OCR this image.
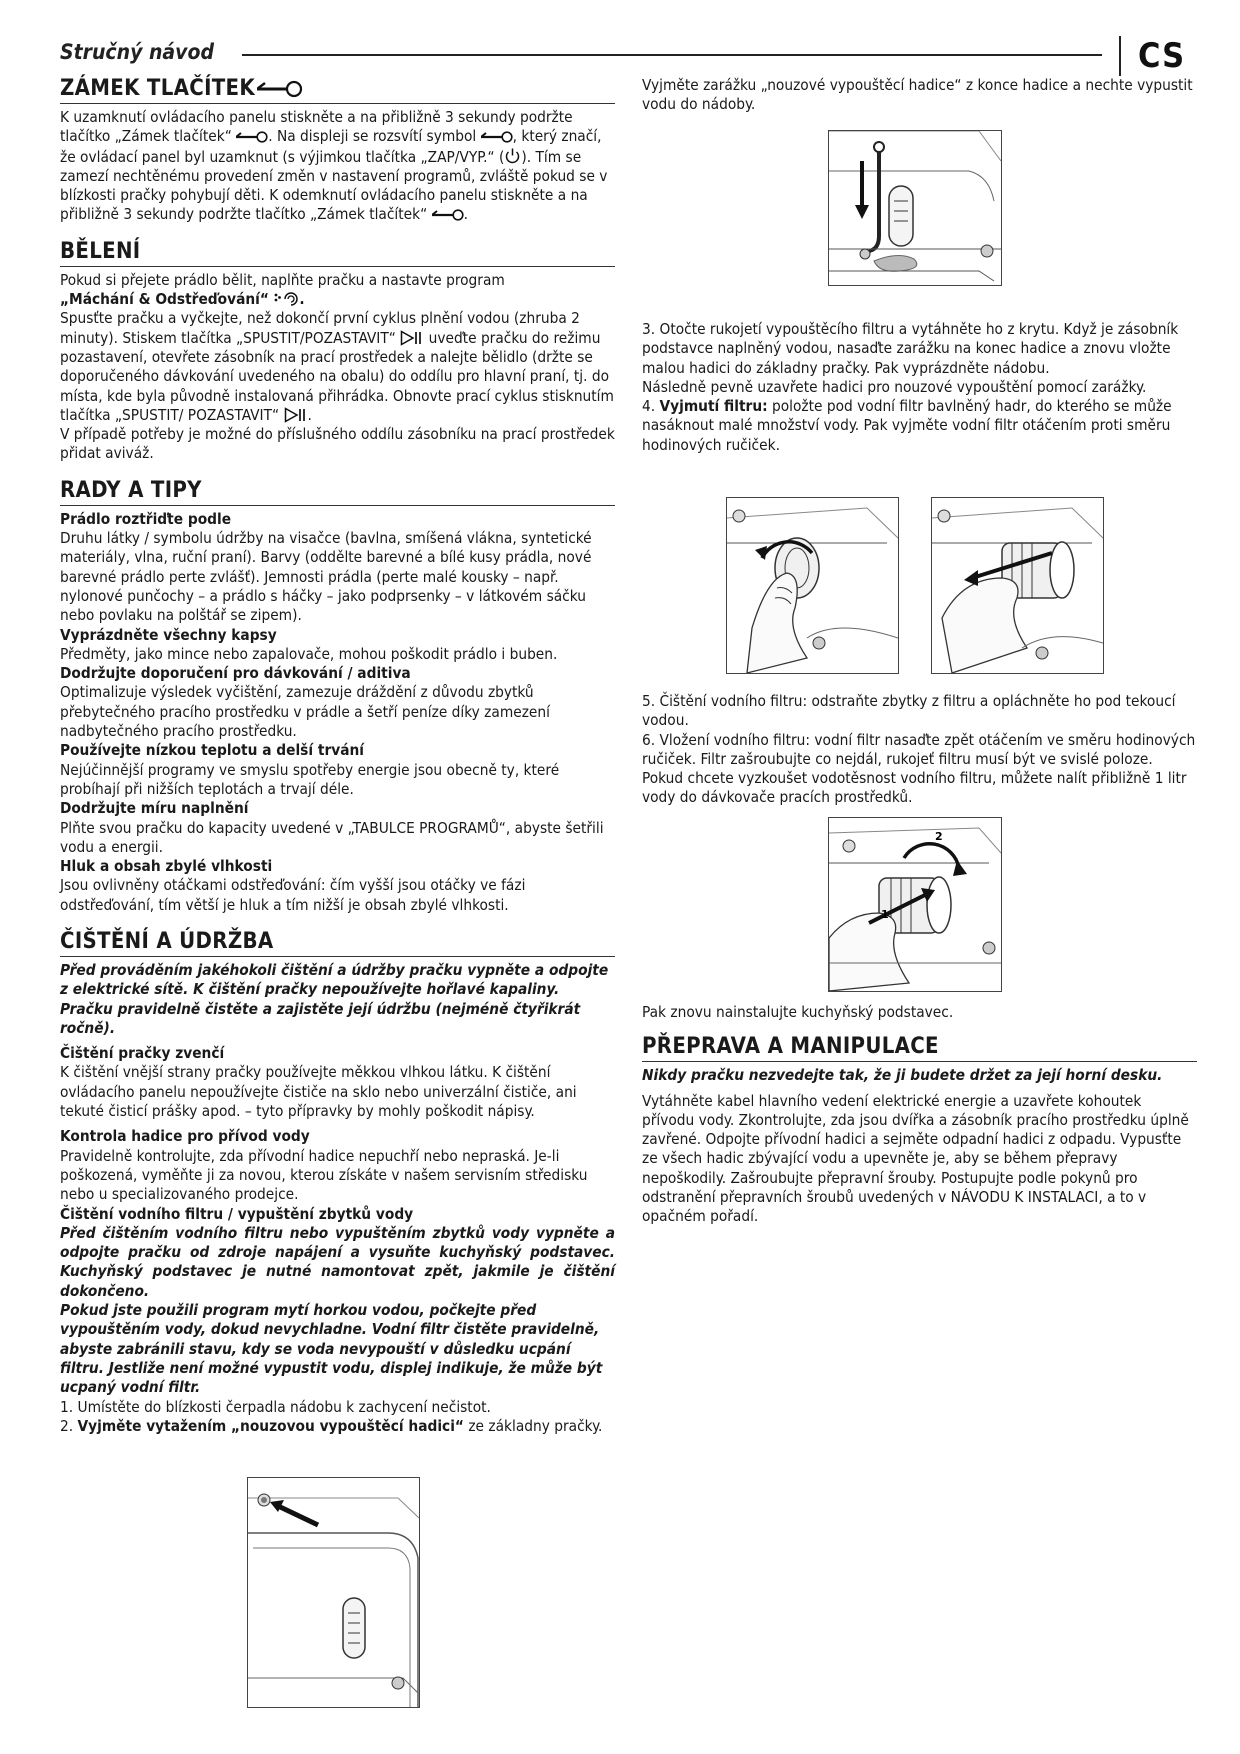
Stručný návod	CS
ZÁMEK TLAČÍTEK

K uzamknutí ovládacího panelu stiskněte a na přibližně 3 sekundy podržte tlačítko „Zámek tlačítek“ . Na displeji se rozsvítí symbol , který značí, že ovládací panel byl uzamknut (s výjimkou tlačítka „ZAP/VYP.“ ( ). Tím se zamezí nechtěnému provedení změn v nastavení programů, zvláště pokud se v blízkosti pračky pohybují děti. K odemknutí ovládacího panelu stiskněte a na přibližně 3 sekundy podržte tlačítko „Zámek tlačítek“ .

BĚLENÍ

Pokud si přejete prádlo bělit, naplňte pračku a nastavte program
„Máchání & Odstřeďování“ .

Spusťte pračku a vyčkejte, než dokončí první cyklus plnění vodou (zhruba 2 minuty). Stiskem tlačítka „SPUSTIT/POZASTAVIT“ uveďte pračku do režimu pozastavení, otevřete zásobník na prací prostředek a nalejte bělidlo (držte se doporučeného dávkování uvedeného na obalu) do oddílu pro hlavní praní, tj. do místa, kde byla původně instalovaná přihrádka. Obnovte prací cyklus stisknutím tlačítka „SPUSTIT/ POZASTAVIT“ .

V případě potřeby je možné do příslušného oddílu zásobníku na prací prostředek přidat aviváž.

RADY A TIPY

Prádlo roztřiďte podle

Druhu látky / symbolu údržby na visačce (bavlna, smíšená vlákna, syntetické materiály, vlna, ruční praní). Barvy (oddělte barevné a bílé kusy prádla, nové barevné prádlo perte zvlášť). Jemnosti prádla (perte malé kousky – např. nylonové punčochy – a prádlo s háčky – jako podprsenky – v látkovém sáčku nebo povlaku na polštář se zipem).

Vyprázdněte všechny kapsy

Předměty, jako mince nebo zapalovače, mohou poškodit prádlo i buben.

Dodržujte doporučení pro dávkování / aditiva

Optimalizuje výsledek vyčištění, zamezuje dráždění z důvodu zbytků přebytečného pracího prostředku v prádle a šetří peníze díky zamezení nadbytečného pracího prostředku.

Používejte nízkou teplotu a delší trvání

Nejúčinnější programy ve smyslu spotřeby energie jsou obecně ty, které probíhají při nižších teplotách a trvají déle.

Dodržujte míru naplnění

Plňte svou pračku do kapacity uvedené v „TABULCE PROGRAMŮ“, abyste šetřili vodu a energii.

Hluk a obsah zbylé vlhkosti

Jsou ovlivněny otáčkami odstřeďování: čím vyšší jsou otáčky ve fázi odstřeďování, tím větší je hluk a tím nižší je obsah zbylé vlhkosti.

ČIŠTĚNÍ A ÚDRŽBA

Před prováděním jakéhokoli čištění a údržby pračku vypněte a odpojte z elektrické sítě. K čištění pračky nepoužívejte hořlavé kapaliny. Pračku pravidelně čistěte a zajistěte její údržbu (nejméně čtyřikrát ročně).

Čištění pračky zvenčí

K čištění vnější strany pračky používejte měkkou vlhkou látku. K čištění ovládacího panelu nepoužívejte čističe na sklo nebo univerzální čističe, ani tekuté čisticí prášky apod. – tyto přípravky by mohly poškodit nápisy.

Kontrola hadice pro přívod vody

Pravidelně kontrolujte, zda přívodní hadice nepuchří nebo nepraská. Je-li poškozená, vyměňte ji za novou, kterou získáte v našem servisním středisku nebo u specializovaného prodejce.

Čištění vodního filtru / vypuštění zbytků vody

Před čištěním vodního filtru nebo vypuštěním zbytků vody vypněte a odpojte pračku od zdroje napájení a vysuňte kuchyňský podstavec. Kuchyňský podstavec je nutné namontovat zpět, jakmile je čištění dokončeno.

Pokud jste použili program mytí horkou vodou, počkejte před vypouštěním vody, dokud nevychladne. Vodní filtr čistěte pravidelně, abyste zabránili stavu, kdy se voda nevypouští v důsledku ucpání filtru. Jestliže není možné vypustit vodu, displej indikuje, že může být ucpaný vodní filtr.

1. Umístěte do blízkosti čerpadla nádobu k zachycení nečistot.

2. Vyjměte vytažením „nouzovou vypouštěcí hadici“ ze základny pračky.

Vyjměte zarážku „nouzové vypouštěcí hadice“ z konce hadice a nechte vypustit vodu do nádoby.

3. Otočte rukojetí vypouštěcího filtru a vytáhněte ho z krytu. Když je zásobník podstavce naplněný vodou, nasaďte zarážku na konec hadice a znovu vložte malou hadici do základny pračky. Pak vyprázdněte nádobu.

Následně pevně uzavřete hadici pro nouzové vypouštění pomocí zarážky.

4. Vyjmutí filtru: položte pod vodní filtr bavlněný hadr, do kterého se může nasáknout malé množství vody. Pak vyjměte vodní filtr otáčením proti směru hodinových ručiček.

5. Čištění vodního filtru: odstraňte zbytky z filtru a opláchněte ho pod tekoucí vodou.

6. Vložení vodního filtru: vodní filtr nasaďte zpět otáčením ve směru hodinových ručiček. Filtr zašroubujte co nejdál, rukojeť filtru musí být ve svislé poloze. Pokud chcete vyzkoušet vodotěsnost vodního filtru, můžete nalít přibližně 1 litr vody do dávkovače pracích prostředků.

1
2

Pak znovu nainstalujte kuchyňský podstavec.

PŘEPRAVA A MANIPULACE

Nikdy pračku nezvedejte tak, že ji budete držet za její horní desku.

Vytáhněte kabel hlavního vedení elektrické energie a uzavřete kohoutek přívodu vody. Zkontrolujte, zda jsou dvířka a zásobník pracího prostředku úplně zavřené. Odpojte přívodní hadici a sejměte odpadní hadici z odpadu. Vypusťte ze všech hadic zbývající vodu a upevněte je, aby se během přepravy nepoškodily. Zašroubujte přepravní šrouby. Postupujte podle pokynů pro odstranění přepravních šroubů uvedených v NÁVODU K INSTALACI, a to v opačném pořadí.
